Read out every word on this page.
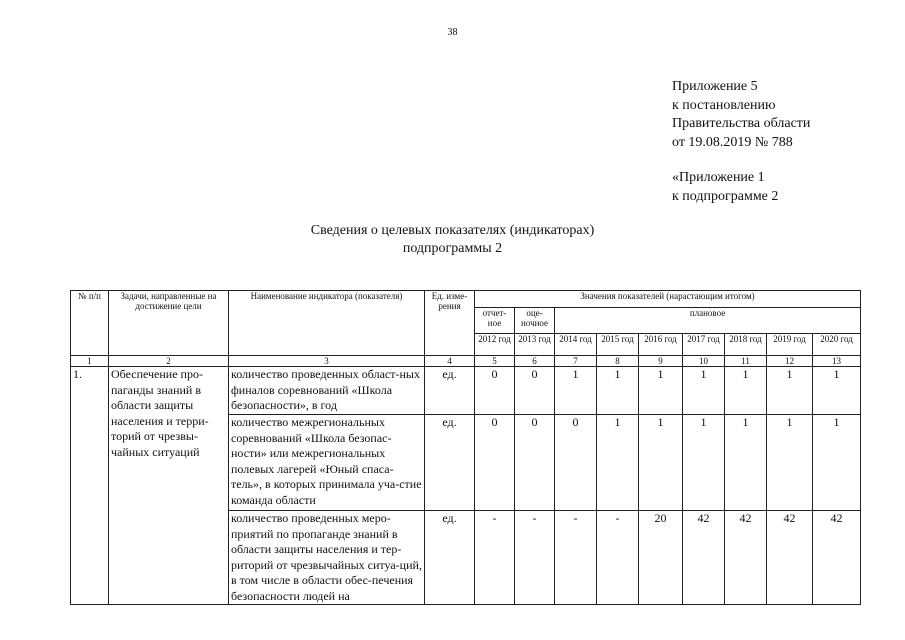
38
Приложение 5
к постановлению
Правительства области
от 19.08.2019 № 788
«Приложение 1
к подпрограмме 2
Сведения о целевых показателях (индикаторах)
подпрограммы 2
№ п/п	Задачи, направленные на достижение цели	Наименование индикатора (показателя)	Ед. изме-рения	Значения показателей (нарастающим итогом)								
				отчет-ное	оце-ночное	плановое						
				2012 год	2013 год	2014 год	2015 год	2016 год	2017 год	2018 год	2019 год	2020 год
1	2	3	4	5	6	7	8	9	10	11	12	13
1.	Обеспечение про-паганды знаний в области защиты населения и терри-торий от чрезвы-чайных ситуаций	количество проведенных област-ных финалов соревнований «Школа безопасности», в год	ед.	0	0	1	1	1	1	1	1	1
		количество межрегиональных соревнований «Школа безопас-ности» или межрегиональных полевых лагерей «Юный спаса-тель», в которых принимала уча-стие команда области	ед.	0	0	0	1	1	1	1	1	1
		количество проведенных меро-приятий по пропаганде знаний в области защиты населения и тер-риторий от чрезвычайных ситуа-ций, в том числе в области обес-печения безопасности людей на	ед.	-	-	-	-	20	42	42	42	42
